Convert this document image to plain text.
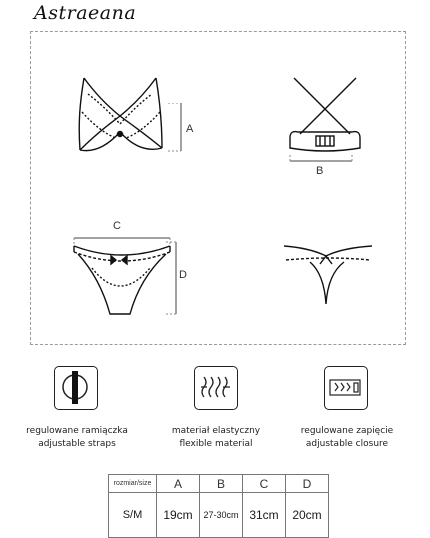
Astraeana
A
B
C
D
regulowane ramiączka
adjustable straps
materiał elastyczny
flexible material
regulowane zapięcie
adjustable closure
rozmiar/size	A	B	C	D
S/M	19cm	27-30cm	31cm	20cm
